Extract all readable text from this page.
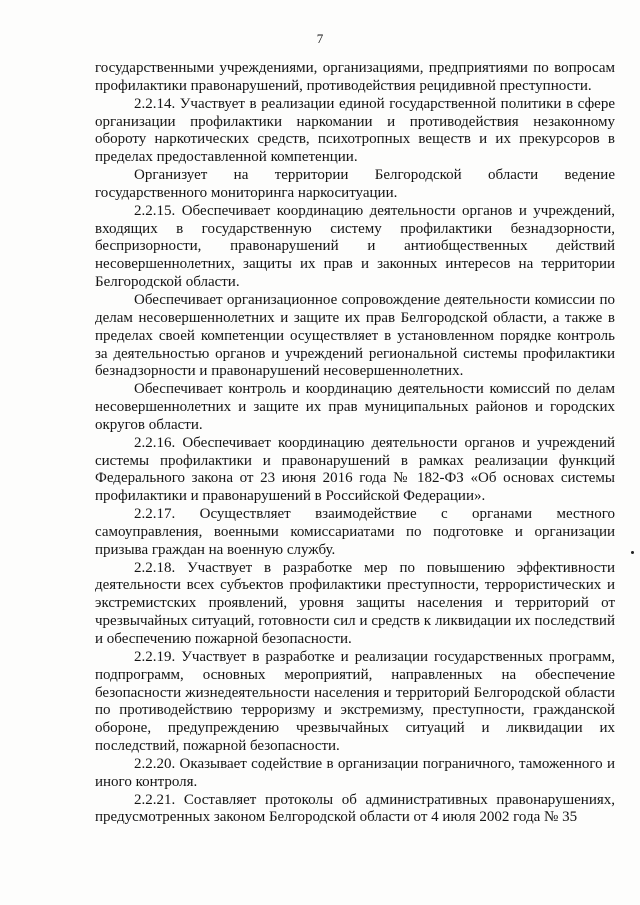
7

государственными учреждениями, организациями, предприятиями по вопросам профилактики правонарушений, противодействия рецидивной преступности.

2.2.14. Участвует в реализации единой государственной политики в сфере организации профилактики наркомании и противодействия незаконному обороту наркотических средств, психотропных веществ и их прекурсоров в пределах предоставленной компетенции.

Организует на территории Белгородской области ведение государственного мониторинга наркоситуации.

2.2.15. Обеспечивает координацию деятельности органов и учреждений, входящих в государственную систему профилактики безнадзорности, беспризорности, правонарушений и антиобщественных действий несовершеннолетних, защиты их прав и законных интересов на территории Белгородской области.

Обеспечивает организационное сопровождение деятельности комиссии по делам несовершеннолетних и защите их прав Белгородской области, а также в пределах своей компетенции осуществляет в установленном порядке контроль за деятельностью органов и учреждений региональной системы профилактики безнадзорности и правонарушений несовершеннолетних.

Обеспечивает контроль и координацию деятельности комиссий по делам несовершеннолетних и защите их прав муниципальных районов и городских округов области.

2.2.16. Обеспечивает координацию деятельности органов и учреждений системы профилактики и правонарушений в рамках реализации функций Федерального закона от 23 июня 2016 года № 182-ФЗ «Об основах системы профилактики и правонарушений в Российской Федерации».

2.2.17. Осуществляет взаимодействие с органами местного самоуправления, военными комиссариатами по подготовке и организации призыва граждан на военную службу.

2.2.18. Участвует в разработке мер по повышению эффективности деятельности всех субъектов профилактики преступности, террористических и экстремистских проявлений, уровня защиты населения и территорий от чрезвычайных ситуаций, готовности сил и средств к ликвидации их последствий и обеспечению пожарной безопасности.

2.2.19. Участвует в разработке и реализации государственных программ, подпрограмм, основных мероприятий, направленных на обеспечение безопасности жизнедеятельности населения и территорий Белгородской области по противодействию терроризму и экстремизму, преступности, гражданской обороне, предупреждению чрезвычайных ситуаций и ликвидации их последствий, пожарной безопасности.

2.2.20. Оказывает содействие в организации пограничного, таможенного и иного контроля.

2.2.21. Составляет протоколы об административных правонарушениях, предусмотренных законом Белгородской области от 4 июля 2002 года № 35
